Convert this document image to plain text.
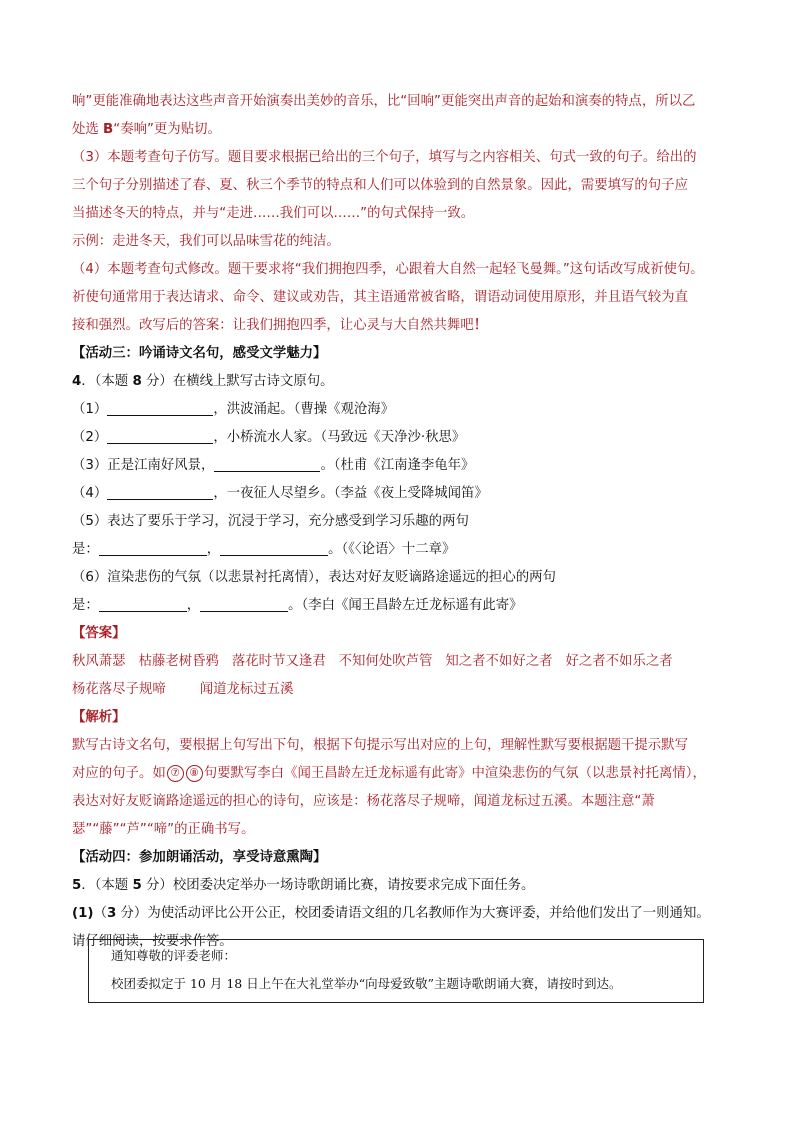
响”更能准确地表达这些声音开始演奏出美妙的音乐，比“回响”更能突出声音的起始和演奏的特点，所以乙
处选 B“奏响”更为贴切。
（3）本题考查句子仿写。题目要求根据已给出的三个句子，填写与之内容相关、句式一致的句子。给出的
三个句子分别描述了春、夏、秋三个季节的特点和人们可以体验到的自然景象。因此，需要填写的句子应
当描述冬天的特点，并与“走进……我们可以……”的句式保持一致。
示例：走进冬天，我们可以品味雪花的纯洁。
（4）本题考查句式修改。题干要求将“我们拥抱四季，心跟着大自然一起轻飞曼舞。”这句话改写成祈使句。
祈使句通常用于表达请求、命令、建议或劝告，其主语通常被省略，谓语动词使用原形，并且语气较为直
接和强烈。改写后的答案：让我们拥抱四季，让心灵与大自然共舞吧！
【活动三：吟诵诗文名句，感受文学魅力】
4．（本题 8 分）在横线上默写古诗文原句。
（1）	，洪波涌起。（曹操《观沧海》
（2）	，小桥流水人家。（马致远《天净沙·秋思》
（3）正是江南好风景，	。（杜甫《江南逢李龟年》
（4）	，一夜征人尽望乡。（李益《夜上受降城闻笛》
（5）表达了要乐于学习，沉浸于学习，充分感受到学习乐趣的两句
是：	，	。（《〈论语〉十二章》
（6）渲染悲伤的气氛（以悲景衬托离情），表达对好友贬谪路途遥远的担心的两句
是：	，	。（李白《闻王昌龄左迁龙标遥有此寄》
【答案】
秋风萧瑟 枯藤老树昏鸦 落花时节又逢君 不知何处吹芦管 知之者不如好之者 好之者不如乐之者
杨花落尽子规啼	闻道龙标过五溪
【解析】
默写古诗文名句，要根据上句写出下句，根据下句提示写出对应的上句，理解性默写要根据题干提示默写
对应的句子。如 ⑦ ⑧ 句要默写李白《闻王昌龄左迁龙标遥有此寄》中渲染悲伤的气氛（以悲景衬托离情），
表达对好友贬谪路途遥远的担心的诗句，应该是：杨花落尽子规啼，闻道龙标过五溪。本题注意“萧
瑟”“藤”“芦”“啼”的正确书写。
【活动四：参加朗诵活动，享受诗意熏陶】
5．（本题 5 分）校团委决定举办一场诗歌朗诵比赛，请按要求完成下面任务。
(1)（3 分）为使活动评比公开公正，校团委请语文组的几名教师作为大赛评委，并给他们发出了一则通知。
请仔细阅读，按要求作答。
通知尊敬的评委老师：
校团委拟定于 10 月 18 日上午在大礼堂举办“向母爱致敬”主题诗歌朗诵大赛，请按时到达。
